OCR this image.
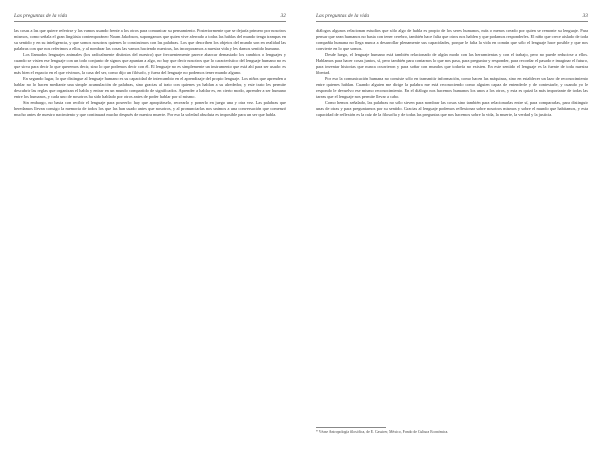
Las preguntas de la vida	32

las cosas a las que quiere referirse y las vamos usando frente a los otros para comunicar su pensamiento. Posteriormente que se dejaría primero por nosotros mismos, como señala el gran lingüista contemporáneo Noam Jakobson, supongamos que quien vive aferrado a todas las hablas del mundo tenga trampas en su sentido y en su inteligencia, y que somos nosotros quienes lo construimos con las palabras. Los que describen los objetos del mundo son en realidad las palabras con que nos referimos a ellos, y al nombrar las cosas las vamos haciendo nuestras, las incorporamos a nuestra vida y les damos sentido humano.

Los llamados lenguajes animales (los radicalmente distintos del nuestro) que frecuentemente parece abarcar demasiado los cambios o lenguajes y cuando se visten ese lenguaje con un todo conjunto de signos que apuntan a algo, no hay que decir nosotros que lo característico del lenguaje humano no es que sirva para decir lo que queremos decir, sino lo que podemos decir con él. El lenguaje no es simplemente un instrumento que está ahí para ser usado: es más bien el espacio en el que vivimos, la casa del ser, como dijo un filósofo, y fuera del lenguaje no podemos tener mundo alguno.

En segundo lugar, lo que distingue al lenguaje humano es su capacidad de intercambio en el aprendizaje del propio lenguaje. Los niños que aprenden a hablar no lo hacen mediante una simple acumulación de palabras, sino gracias al trato con quienes ya hablan a su alrededor, y este trato les permite descubrir las reglas que organizan el habla y entrar en un mundo compartido de significados. Aprender a hablar es, en cierto modo, aprender a ser humano entre los humanos, y cada uno de nosotros ha sido hablado por otros antes de poder hablar por sí mismo.

Sin embargo, no basta con recibir el lenguaje para poseerlo: hay que apropiárselo, recrearlo y ponerlo en juego una y otra vez. Las palabras que heredamos llevan consigo la memoria de todos los que las han usado antes que nosotros, y al pronunciarlas nos unimos a una conversación que comenzó mucho antes de nuestro nacimiento y que continuará mucho después de nuestra muerte. Por eso la soledad absoluta es imposible para un ser que habla.

Las preguntas de la vida	33

diálogos algunos relacionan estudios que sólo algo de habla es propio de los seres humanos, más o menos creado por quien se remonte su lenguaje. Para pensar que sean humanos no basta con tener cerebro, también hace falta que otros nos hablen y que podamos responderles. El niño que crece aislado de toda compañía humana no llega nunca a desarrollar plenamente sus capacidades, porque le falta la vida en común que sólo el lenguaje hace posible y que nos convierte en lo que somos.

Desde luego, el lenguaje humano está también relacionado de algún modo con las herramientas y con el trabajo, pero no puede reducirse a ellos. Hablamos para hacer cosas juntos, sí, pero también para contarnos lo que nos pasa, para preguntar y responder, para recordar el pasado e imaginar el futuro, para inventar historias que nunca ocurrieron y para soñar con mundos que todavía no existen. En este sentido el lenguaje es la fuente de toda nuestra libertad.

Por eso la comunicación humana no consiste sólo en transmitir información, como hacen las máquinas, sino en establecer un lazo de reconocimiento entre quienes hablan. Cuando alguien me dirige la palabra me está reconociendo como alguien capaz de entenderle y de contestarle, y cuando yo le respondo le devuelvo ese mismo reconocimiento. En el diálogo nos hacemos humanos los unos a los otros, y esta es quizá la más importante de todas las tareas que el lenguaje nos permite llevar a cabo.

Como hemos señalado, las palabras no sólo sirven para nombrar las cosas sino también para relacionarlas entre sí, para compararlas, para distinguir unas de otras y para preguntarnos por su sentido. Gracias al lenguaje podemos reflexionar sobre nosotros mismos y sobre el mundo que habitamos, y esta capacidad de reflexión es la raíz de la filosofía y de todas las preguntas que nos hacemos sobre la vida, la muerte, la verdad y la justicia.

* Véase Antropología filosófica, de E. Cassirer, México, Fondo de Cultura Económica.
